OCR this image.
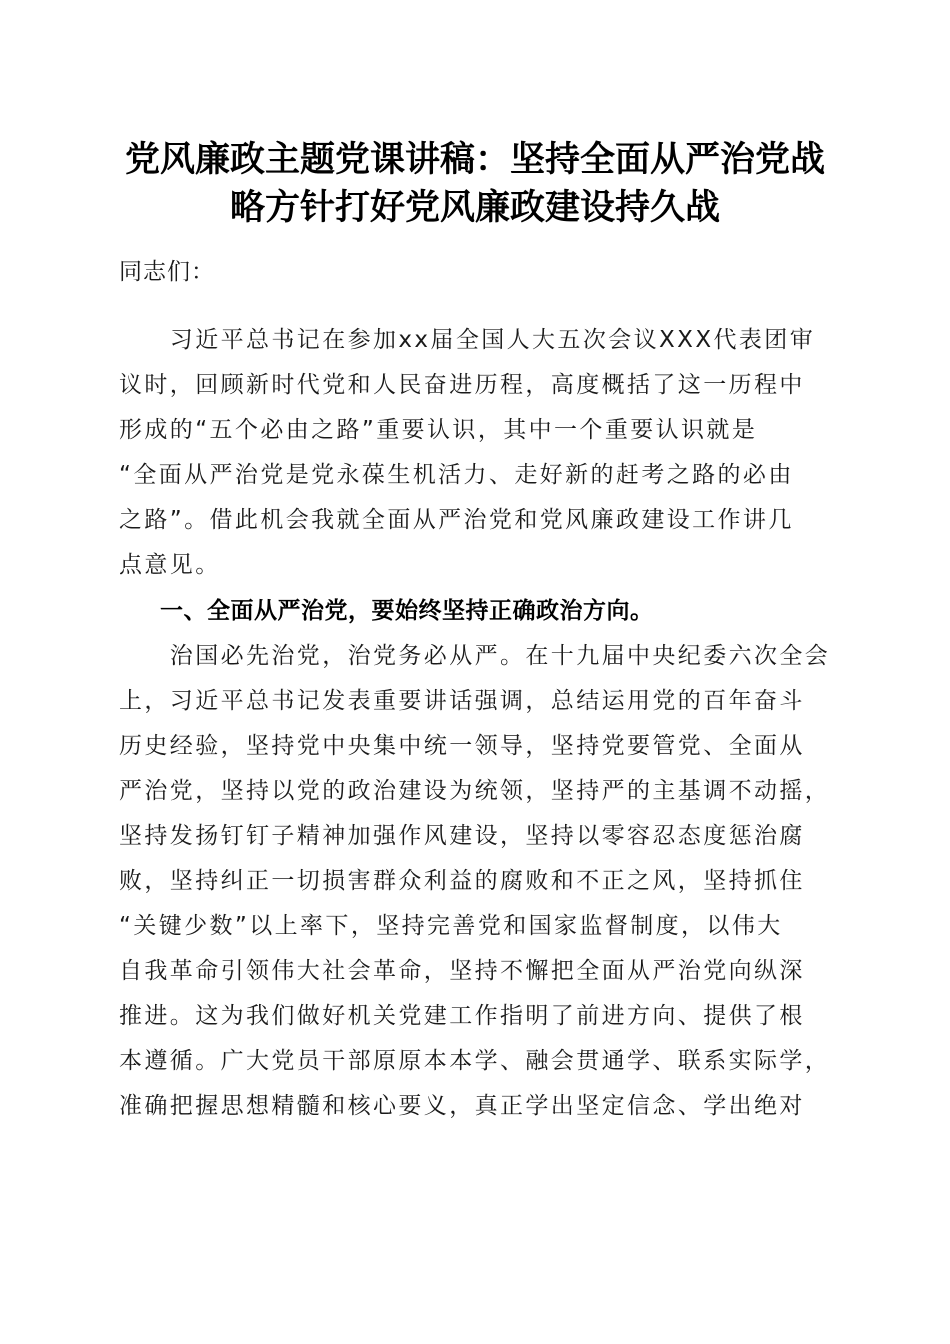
党风廉政主题党课讲稿：坚持全面从严治党战
略方针打好党风廉政建设持久战
同志们：
　　习近平总书记在参加xx届全国人大五次会议XXX代表团审
议时，回顾新时代党和人民奋进历程，高度概括了这一历程中
形成的“五个必由之路”重要认识，其中一个重要认识就是
“全面从严治党是党永葆生机活力、走好新的赶考之路的必由
之路”。借此机会我就全面从严治党和党风廉政建设工作讲几
点意见。
一、全面从严治党，要始终坚持正确政治方向。
　　治国必先治党，治党务必从严。在十九届中央纪委六次全会
上，习近平总书记发表重要讲话强调，总结运用党的百年奋斗
历史经验，坚持党中央集中统一领导，坚持党要管党、全面从
严治党，坚持以党的政治建设为统领，坚持严的主基调不动摇，
坚持发扬钉钉子精神加强作风建设，坚持以零容忍态度惩治腐
败，坚持纠正一切损害群众利益的腐败和不正之风，坚持抓住
“关键少数”以上率下，坚持完善党和国家监督制度，以伟大
自我革命引领伟大社会革命，坚持不懈把全面从严治党向纵深
推进。这为我们做好机关党建工作指明了前进方向、提供了根
本遵循。广大党员干部原原本本学、融会贯通学、联系实际学，
准确把握思想精髓和核心要义，真正学出坚定信念、学出绝对
